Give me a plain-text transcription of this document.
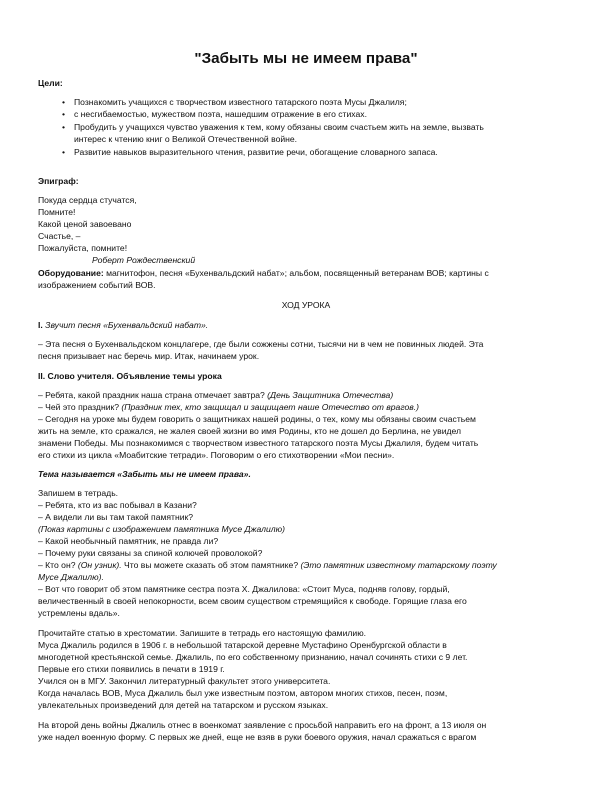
"Забыть мы не имеем права"
Цели:
• Познакомить учащихся с творчеством известного татарского поэта Мусы Джалиля;
• с несгибаемостью, мужеством поэта, нашедшим отражение в его стихах.
• Пробудить у учащихся чувство уважения к тем, кому обязаны своим счастьем жить на земле, вызвать
интерес к чтению книг о Великой Отечественной войне.
• Развитие навыков выразительного чтения, развитие речи, обогащение словарного запаса.
Эпиграф:
Покуда сердца стучатся,
Помните!
Какой ценой завоевано
Счастье, –
Пожалуйста, помните!
Роберт Рождественский
Оборудование: магнитофон, песня «Бухенвальдский набат»; альбом, посвященный ветеранам ВОВ; картины с
изображением событий ВОВ.
ХОД УРОКА
I. Звучит песня «Бухенвальдский набат».
– Эта песня о Бухенвальдском концлагере, где были сожжены сотни, тысячи ни в чем не повинных людей. Эта
песня призывает нас беречь мир. Итак, начинаем урок.
II. Слово учителя. Объявление темы урока
– Ребята, какой праздник наша страна отмечает завтра? (День Защитника Отечества)
– Чей это праздник? (Праздник тех, кто защищал и защищает наше Отечество от врагов.)
– Сегодня на уроке мы будем говорить о защитниках нашей родины, о тех, кому мы обязаны своим счастьем
жить на земле, кто сражался, не жалея своей жизни во имя Родины, кто не дошел до Берлина, не увидел
знамени Победы. Мы познакомимся с творчеством известного татарского поэта Мусы Джалиля, будем читать
его стихи из цикла «Моабитские тетради». Поговорим о его стихотворении «Мои песни».
Тема называется «Забыть мы не имеем права».
Запишем в тетрадь.
– Ребята, кто из вас побывал в Казани?
– А видели ли вы там такой памятник?
(Показ картины с изображением памятника Мусе Джалилю)
– Какой необычный памятник, не правда ли?
– Почему руки связаны за спиной колючей проволокой?
– Кто он? (Он узник). Что вы можете сказать об этом памятнике? (Это памятник известному татарскому поэту
Мусе Джалилю).
– Вот что говорит об этом памятнике сестра поэта Х. Джалилова: «Стоит Муса, подняв голову, гордый,
величественный в своей непокорности, всем своим существом стремящийся к свободе. Горящие глаза его
устремлены вдаль».
Прочитайте статью в хрестоматии. Запишите в тетрадь его настоящую фамилию.
Муса Джалиль родился в 1906 г. в небольшой татарской деревне Мустафино Оренбургской области в
многодетной крестьянской семье. Джалиль, по его собственному признанию, начал сочинять стихи с 9 лет.
Первые его стихи появились в печати в 1919 г.
Учился он в МГУ. Закончил литературный факультет этого университета.
Когда началась ВОВ, Муса Джалиль был уже известным поэтом, автором многих стихов, песен, поэм,
увлекательных произведений для детей на татарском и русском языках.
На второй день войны Джалиль отнес в военкомат заявление с просьбой направить его на фронт, а 13 июля он
уже надел военную форму. С первых же дней, еще не взяв в руки боевого оружия, начал сражаться с врагом
